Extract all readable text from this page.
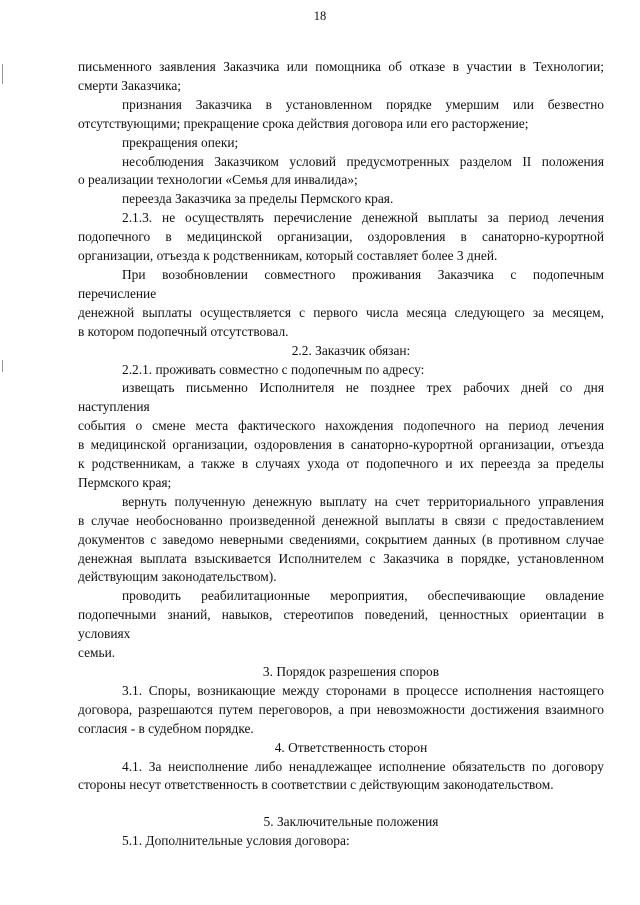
18

письменного заявления Заказчика или помощника об отказе в участии в Технологии;

смерти Заказчика;

признания Заказчика в установленном порядке умершим или безвестно

отсутствующими; прекращение срока действия договора или его расторжение;

прекращения опеки;

несоблюдения Заказчиком условий предусмотренных разделом II положения

о реализации технологии «Семья для инвалида»;

переезда Заказчика за пределы Пермского края.

2.1.3. не осуществлять перечисление денежной выплаты за период лечения

подопечного в медицинской организации, оздоровления в санаторно-курортной

организации, отъезда к родственникам, который составляет более 3 дней.

При возобновлении совместного проживания Заказчика с подопечным перечисление

денежной выплаты осуществляется с первого числа месяца следующего за месяцем,

в котором подопечный отсутствовал.

2.2. Заказчик обязан:

2.2.1. проживать совместно с подопечным по адресу:

извещать письменно Исполнителя не позднее трех рабочих дней со дня наступления

события о смене места фактического нахождения подопечного на период лечения

в медицинской организации, оздоровления в санаторно-курортной организации, отъезда

к родственникам, а также в случаях ухода от подопечного и их переезда за пределы

Пермского края;

вернуть полученную денежную выплату на счет территориального управления

в случае необоснованно произведенной денежной выплаты в связи с предоставлением

документов с заведомо неверными сведениями, сокрытием данных (в противном случае

денежная выплата взыскивается Исполнителем с Заказчика в порядке, установленном

действующим законодательством).

проводить реабилитационные мероприятия, обеспечивающие овладение

подопечными знаний, навыков, стереотипов поведений, ценностных ориентации в условиях

семьи.

3. Порядок разрешения споров

3.1. Споры, возникающие между сторонами в процессе исполнения настоящего

договора, разрешаются путем переговоров, а при невозможности достижения взаимного

согласия - в судебном порядке.

4. Ответственность сторон

4.1. За неисполнение либо ненадлежащее исполнение обязательств по договору

стороны несут ответственность в соответствии с действующим законодательством.

5. Заключительные положения

5.1. Дополнительные условия договора:
